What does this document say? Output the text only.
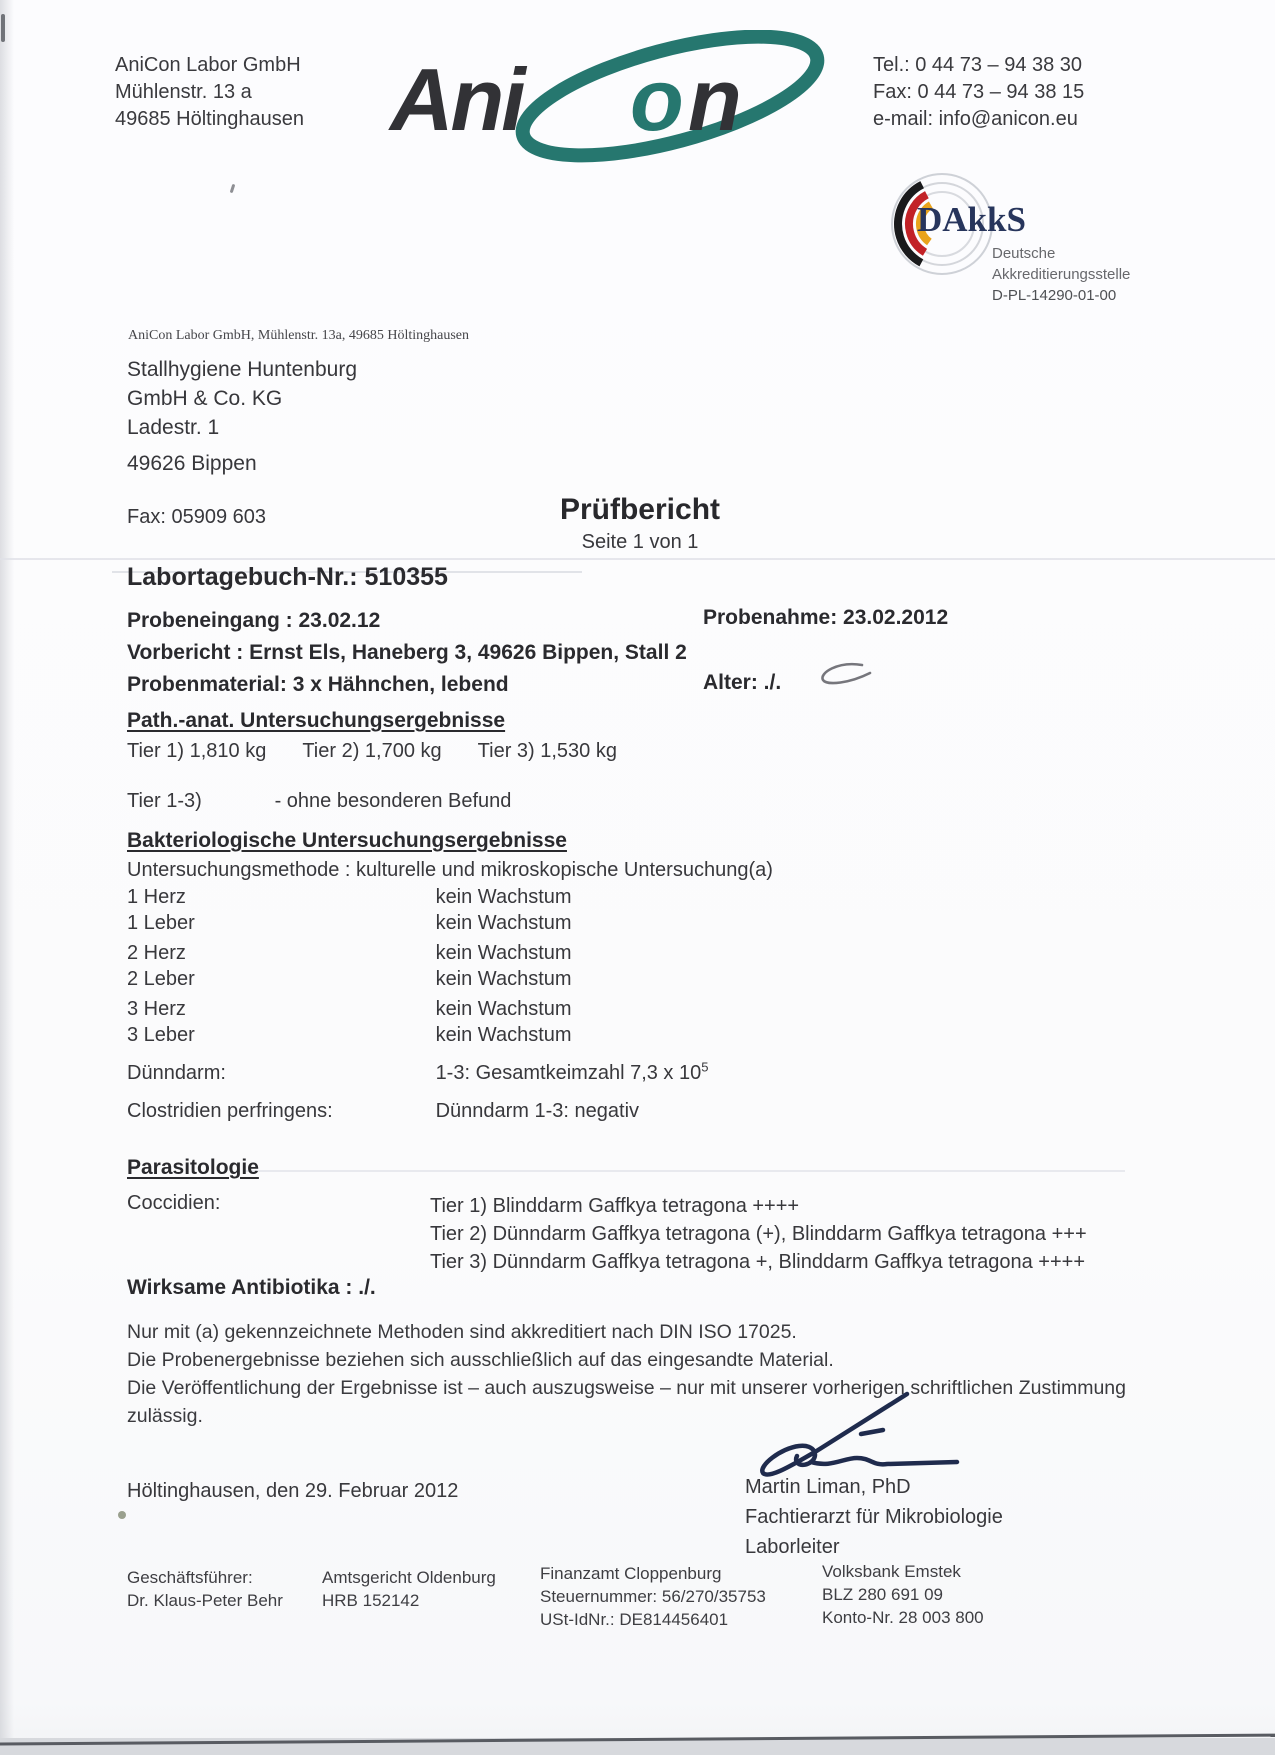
AniCon Labor GmbH
Mühlenstr. 13 a
49685 Höltinghausen Ani o n	Tel.: 0 44 73 – 94 38 30
Fax: 0 44 73 – 94 38 15
e-mail: info@anicon.eu
DAkkS
Deutsche
Akkreditierungsstelle
D-PL-14290-01-00
AniCon Labor GmbH, Mühlenstr. 13a, 49685 Höltinghausen
Stallhygiene Huntenburg
GmbH & Co. KG
Ladestr. 1
49626 Bippen
Fax: 05909 603	Prüfbericht
Seite 1 von 1
Labortagebuch-Nr.: 510355
Probeneingang : 23.02.12	Probenahme: 23.02.2012
Vorbericht : Ernst Els, Haneberg 3, 49626 Bippen, Stall 2
Probenmaterial: 3 x Hähnchen, lebend	Alter: ./.
Path.-anat. Untersuchungsergebnisse
Tier 1) 1,810 kg Tier 2) 1,700 kg Tier 3) 1,530 kg
Tier 1-3)	- ohne besonderen Befund
Bakteriologische Untersuchungsergebnisse
Untersuchungsmethode : kulturelle und mikroskopische Untersuchung(a)
1 Herz	kein Wachstum
1 Leber	kein Wachstum
2 Herz	kein Wachstum
2 Leber	kein Wachstum
3 Herz	kein Wachstum
3 Leber	kein Wachstum
Dünndarm:	1-3: Gesamtkeimzahl 7,3 x $10^5$
Clostridien perfringens:	Dünndarm 1-3: negativ
Parasitologie
Coccidien:	Tier 1) Blinddarm Gaffkya tetragona ++++
Tier 2) Dünndarm Gaffkya tetragona (+), Blinddarm Gaffkya tetragona +++
Tier 3) Dünndarm Gaffkya tetragona +, Blinddarm Gaffkya tetragona ++++
Wirksame Antibiotika : ./.
Nur mit (a) gekennzeichnete Methoden sind akkreditiert nach DIN ISO 17025.
Die Probenergebnisse beziehen sich ausschließlich auf das eingesandte Material.
Die Veröffentlichung der Ergebnisse ist – auch auszugsweise – nur mit unserer vorherigen schriftlichen Zustimmung
zulässig.
Höltinghausen, den 29. Februar 2012	Martin Liman, PhD
Fachtierarzt für Mikrobiologie
Laborleiter
Geschäftsführer:
Dr. Klaus-Peter Behr
Amtsgericht Oldenburg
HRB 152142
Finanzamt Cloppenburg
Steuernummer: 56/270/35753
USt-IdNr.: DE814456401
Volksbank Emstek
BLZ 280 691 09
Konto-Nr. 28 003 800
